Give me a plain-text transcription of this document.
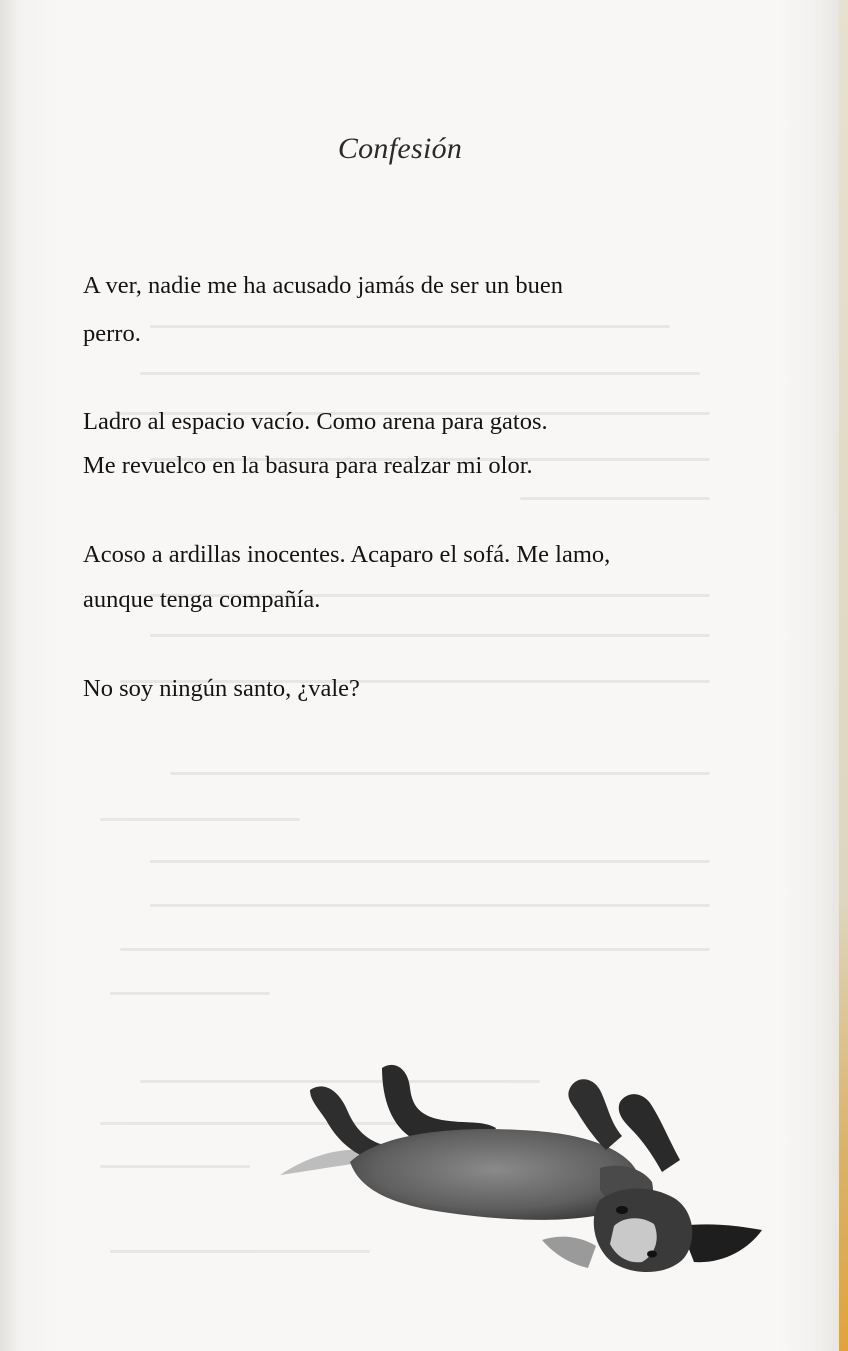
Confesión
A ver, nadie me ha acusado jamás de ser un buen
perro.
Ladro al espacio vacío. Como arena para gatos.
Me revuelco en la basura para realzar mi olor.
Acoso a ardillas inocentes. Acaparo el sofá. Me lamo,
aunque tenga compañía.
No soy ningún santo, ¿vale?
